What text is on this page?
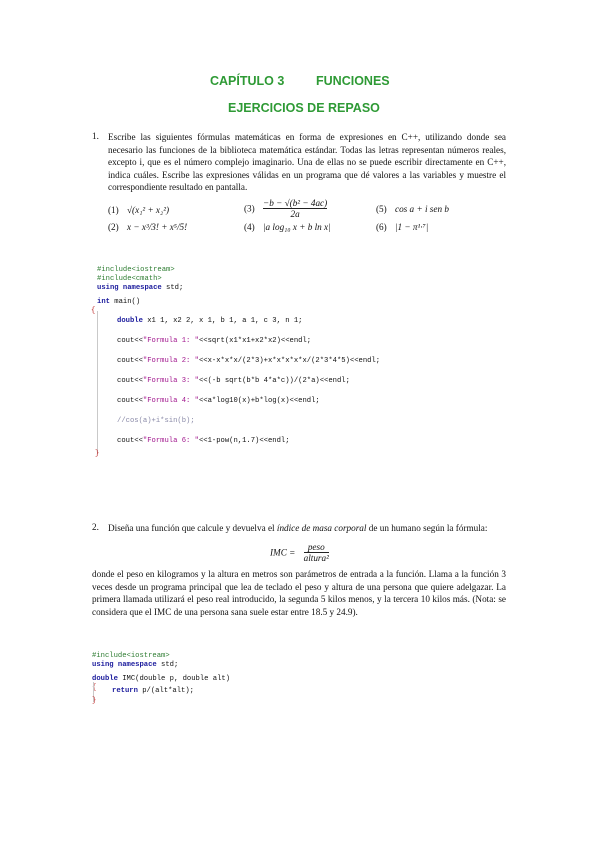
CAPÍTULO 3	FUNCIONES
EJERCICIOS DE REPASO
1. Escribe las siguientes fórmulas matemáticas en forma de expresiones en C++, utilizando donde sea necesario las funciones de la biblioteca matemática estándar. Todas las letras representan números reales, excepto i, que es el número complejo imaginario. Una de ellas no se puede escribir directamente en C++, indica cuáles. Escribe las expresiones válidas en un programa que dé valores a las variables y muestre el correspondiente resultado en pantalla.
(1) √(x₁² + x₂²)
(2) x − x³/3! + x⁵/5!
$(3) \frac{\text{−b − √(b² − 4ac)}}{2a}$
(4) |a log₁₀ x + b ln x|
(5) cos a + i sen b
(6) |1 − π¹·⁷|

#include<iostream>
#include<cmath>
using namespace std;
int main()
{

double x1 1, x2 2, x 1, b 1, a 1, c 3, n 1;
cout<<"Formula 1: "<<sqrt(x1*x1+x2*x2)<<endl;
cout<<"Formula 2: "<<x-x*x*x/(2*3)+x*x*x*x*x/(2*3*4*5)<<endl;
cout<<"Formula 3: "<<(-b sqrt(b*b 4*a*c))/(2*a)<<endl;
cout<<"Formula 4: "<<a*log10(x)+b*log(x)<<endl;
//cos(a)+i*sin(b);
cout<<"Formula 6: "<<1-pow(n,1.7)<<endl;
}
2. Diseña una función que calcule y devuelva el índice de masa corporal de un humano según la fórmula:
IMC = $\frac{\text{peso}}{\text{altura²}}$
donde el peso en kilogramos y la altura en metros son parámetros de entrada a la función. Llama a la función 3 veces desde un programa principal que lea de teclado el peso y altura de una persona que quiere adelgazar. La primera llamada utilizará el peso real introducido, la segunda 5 kilos menos, y la tercera 10 kilos más. (Nota: se considera que el IMC de una persona sana suele estar entre 18.5 y 24.9).

#include<iostream>
using namespace std;
double IMC(double p, double alt)
{	return p/(alt*alt);
}
